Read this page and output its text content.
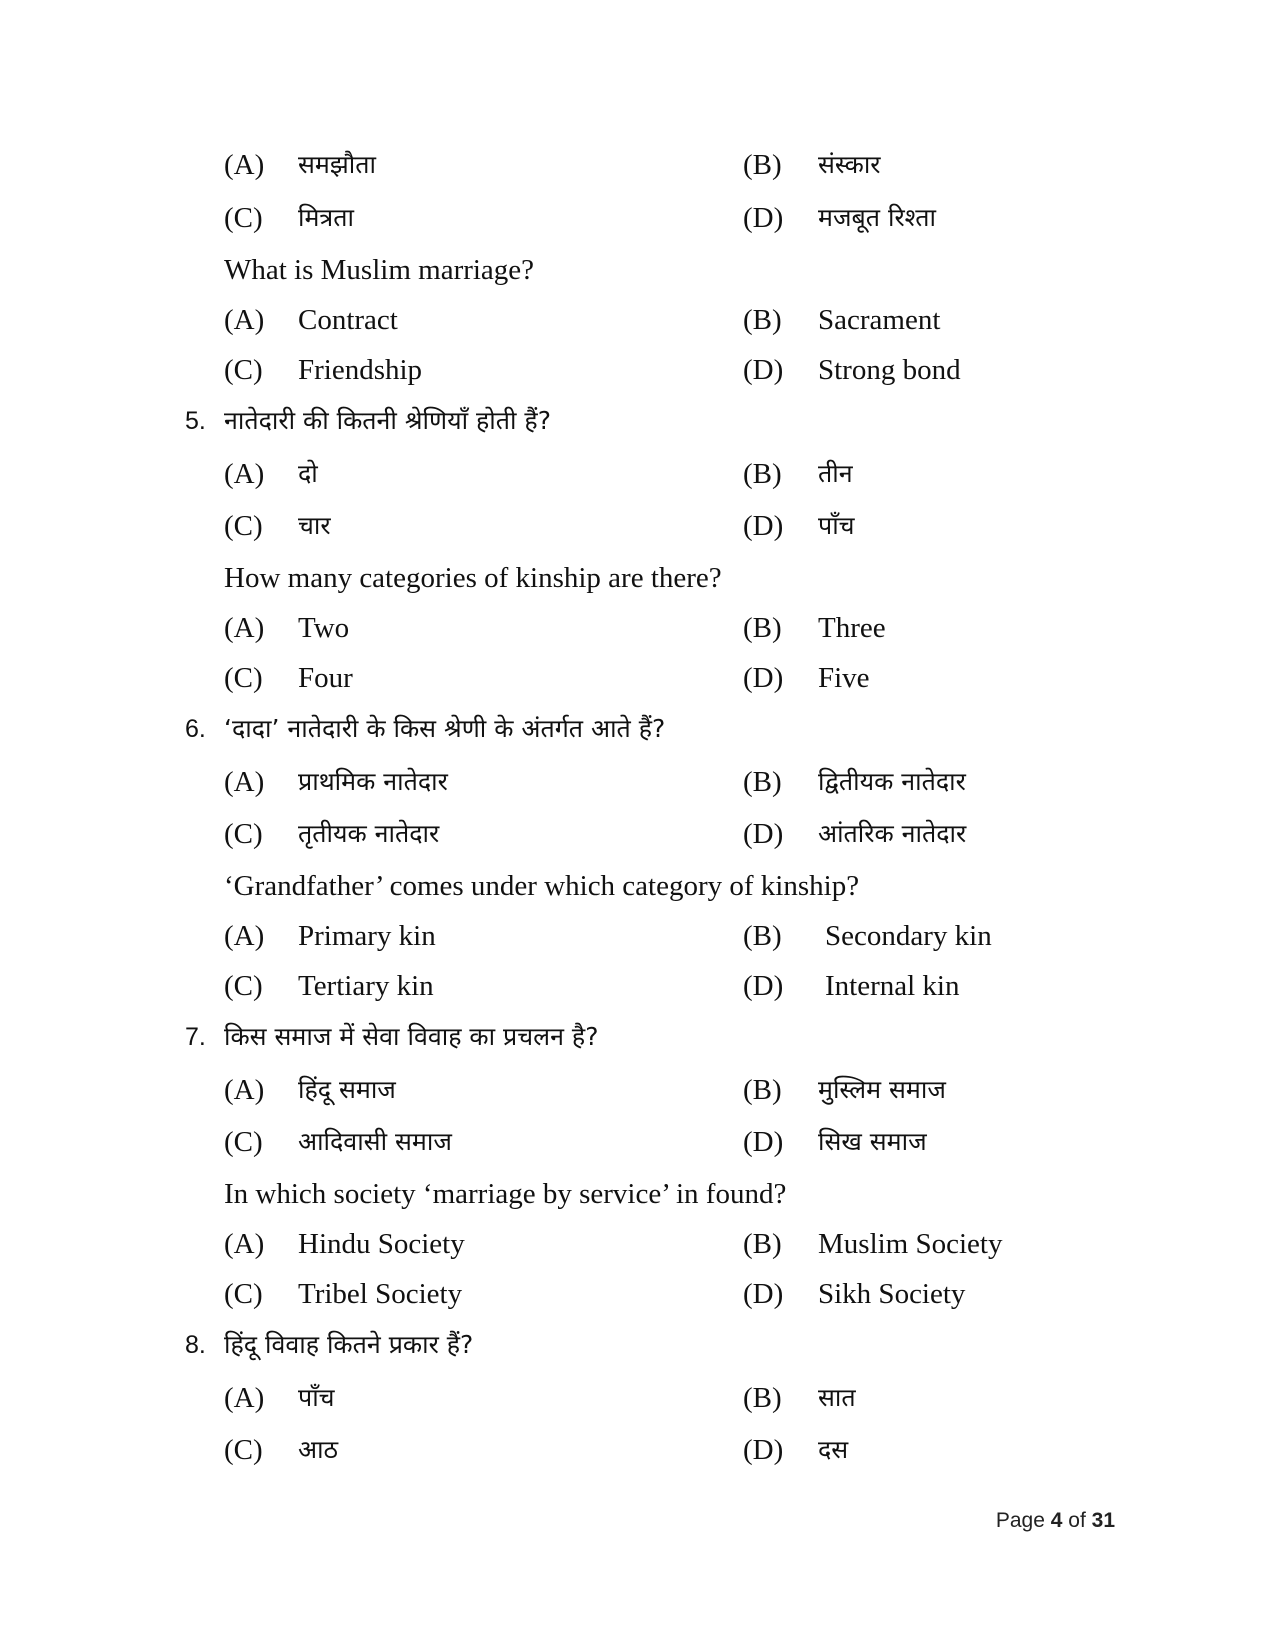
(A) समझौता	(B) संस्कार
(C) मित्रता	(D) मजबूत रिश्ता
What is Muslim marriage?
(A) Contract	(B) Sacrament
(C) Friendship	(D) Strong bond
5. नातेदारी की कितनी श्रेणियाँ होती हैं?
(A) दो	(B) तीन
(C) चार	(D) पाँच
How many categories of kinship are there?
(A) Two	(B) Three
(C) Four	(D) Five
6. ‘दादा’ नातेदारी के किस श्रेणी के अंतर्गत आते हैं?
(A) प्राथमिक नातेदार	(B) द्वितीयक नातेदार
(C) तृतीयक नातेदार	(D) आंतरिक नातेदार
‘Grandfather’ comes under which category of kinship?
(A) Primary kin	(B) Secondary kin
(C) Tertiary kin	(D) Internal kin
7. किस समाज में सेवा विवाह का प्रचलन है?
(A) हिंदू समाज	(B) मुस्लिम समाज
(C) आदिवासी समाज	(D) सिख समाज
In which society ‘marriage by service’ in found?
(A) Hindu Society	(B) Muslim Society
(C) Tribel Society	(D) Sikh Society
8. हिंदू विवाह कितने प्रकार हैं?
(A) पाँच	(B) सात
(C) आठ	(D) दस
Page 4 of 31
